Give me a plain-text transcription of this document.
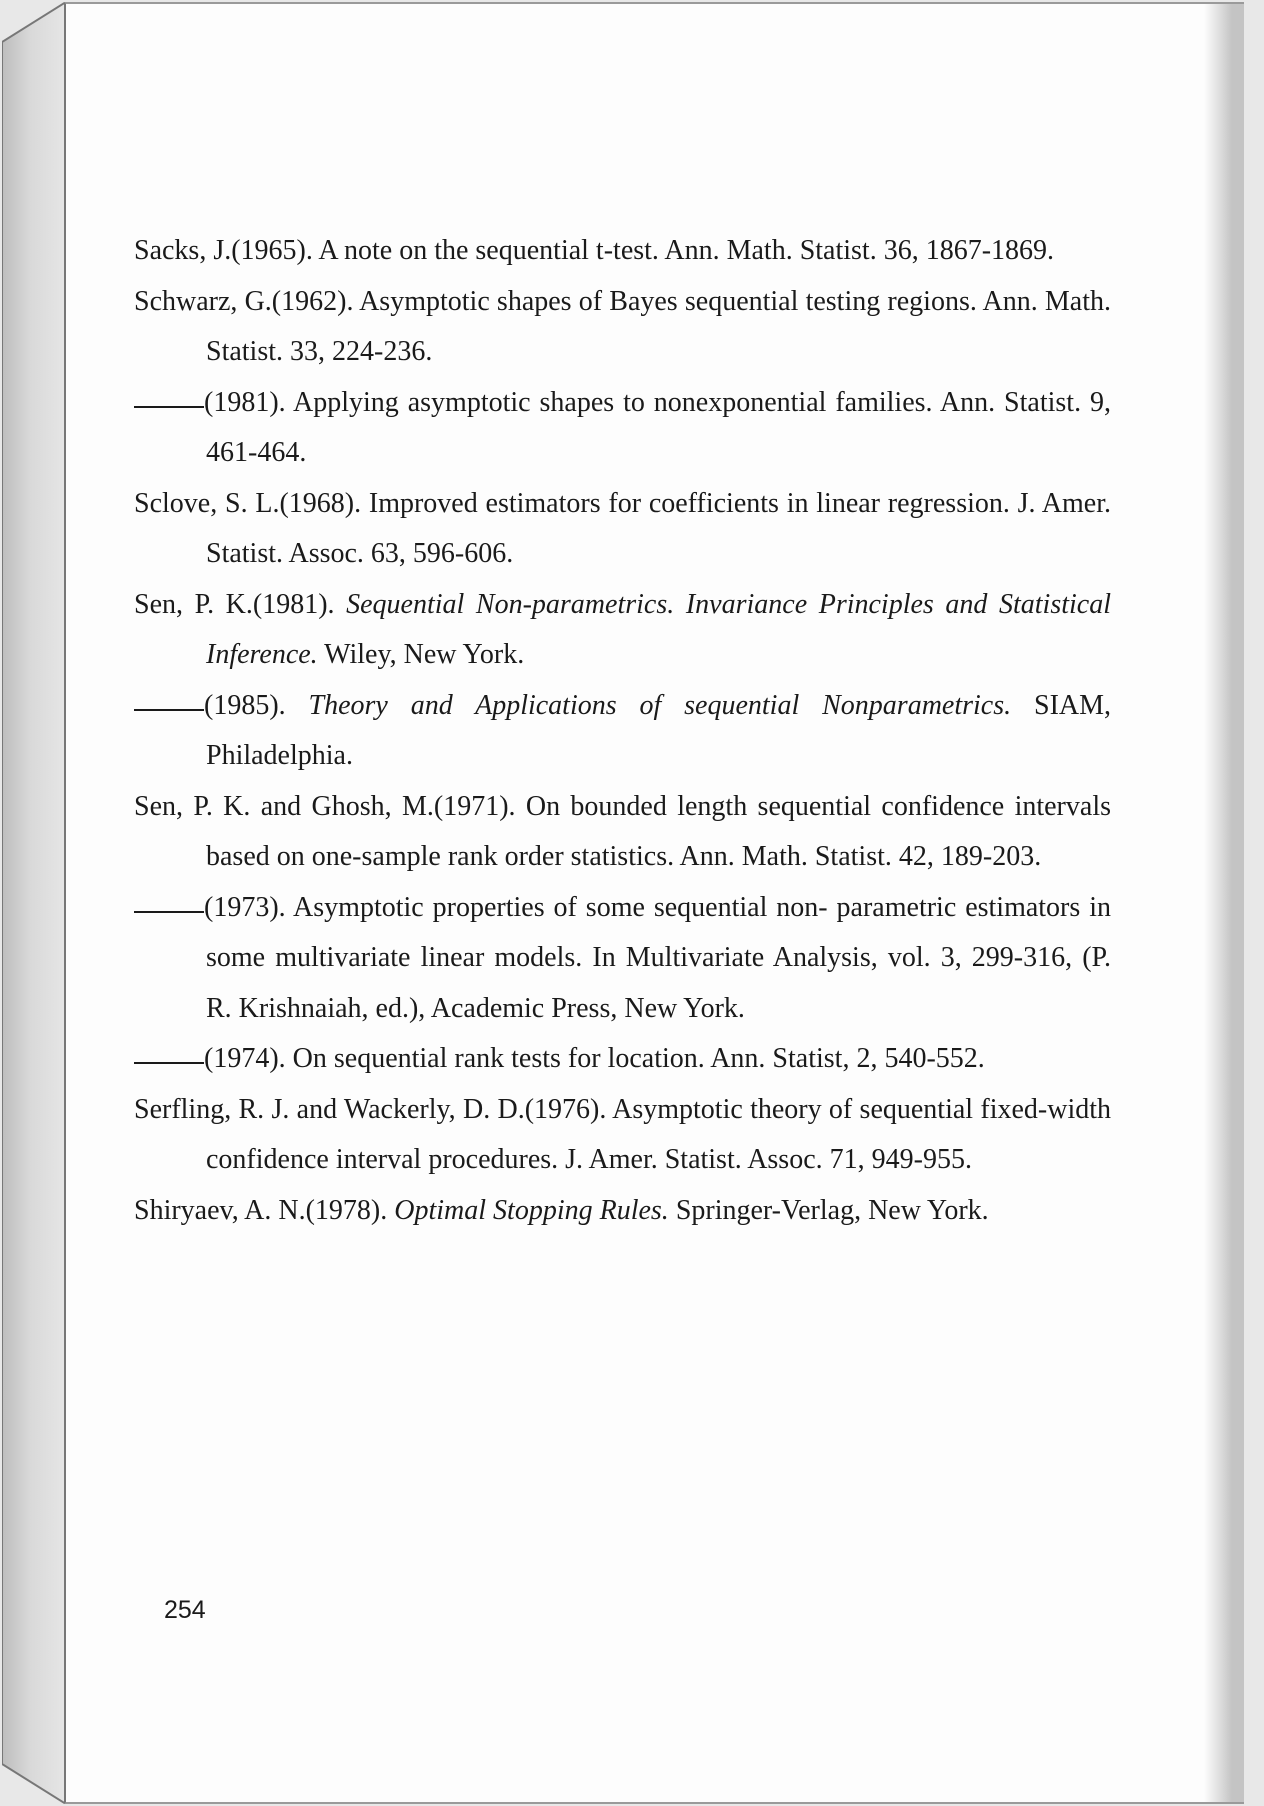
Sacks, J.(1965). A note on the sequential t-test. Ann. Math. Statist. 36, 1867-1869.
Schwarz, G.(1962). Asymptotic shapes of Bayes sequential testing regions. Ann. Math. Statist. 33, 224-236.
(1981). Applying asymptotic shapes to nonexponential families. Ann. Statist. 9, 461-464.
Sclove, S. L.(1968). Improved estimators for coefficients in linear regression. J. Amer. Statist. Assoc. 63, 596-606.
Sen, P. K.(1981). Sequential Non-parametrics. Invariance Principles and Statistical Inference. Wiley, New York.
(1985). Theory and Applications of sequential Nonparametrics. SIAM, Philadelphia.
Sen, P. K. and Ghosh, M.(1971). On bounded length sequential confidence intervals based on one-sample rank order statistics. Ann. Math. Statist. 42, 189-203.
(1973). Asymptotic properties of some sequential non- parametric estimators in some multivariate linear models. In Multivariate Analysis, vol. 3, 299-316, (P. R. Krishnaiah, ed.), Academic Press, New York.
(1974). On sequential rank tests for location. Ann. Statist, 2, 540-552.
Serfling, R. J. and Wackerly, D. D.(1976). Asymptotic theory of sequential fixed-width confidence interval procedures. J. Amer. Statist. Assoc. 71, 949-955.
Shiryaev, A. N.(1978). Optimal Stopping Rules. Springer-Verlag, New York.
254
